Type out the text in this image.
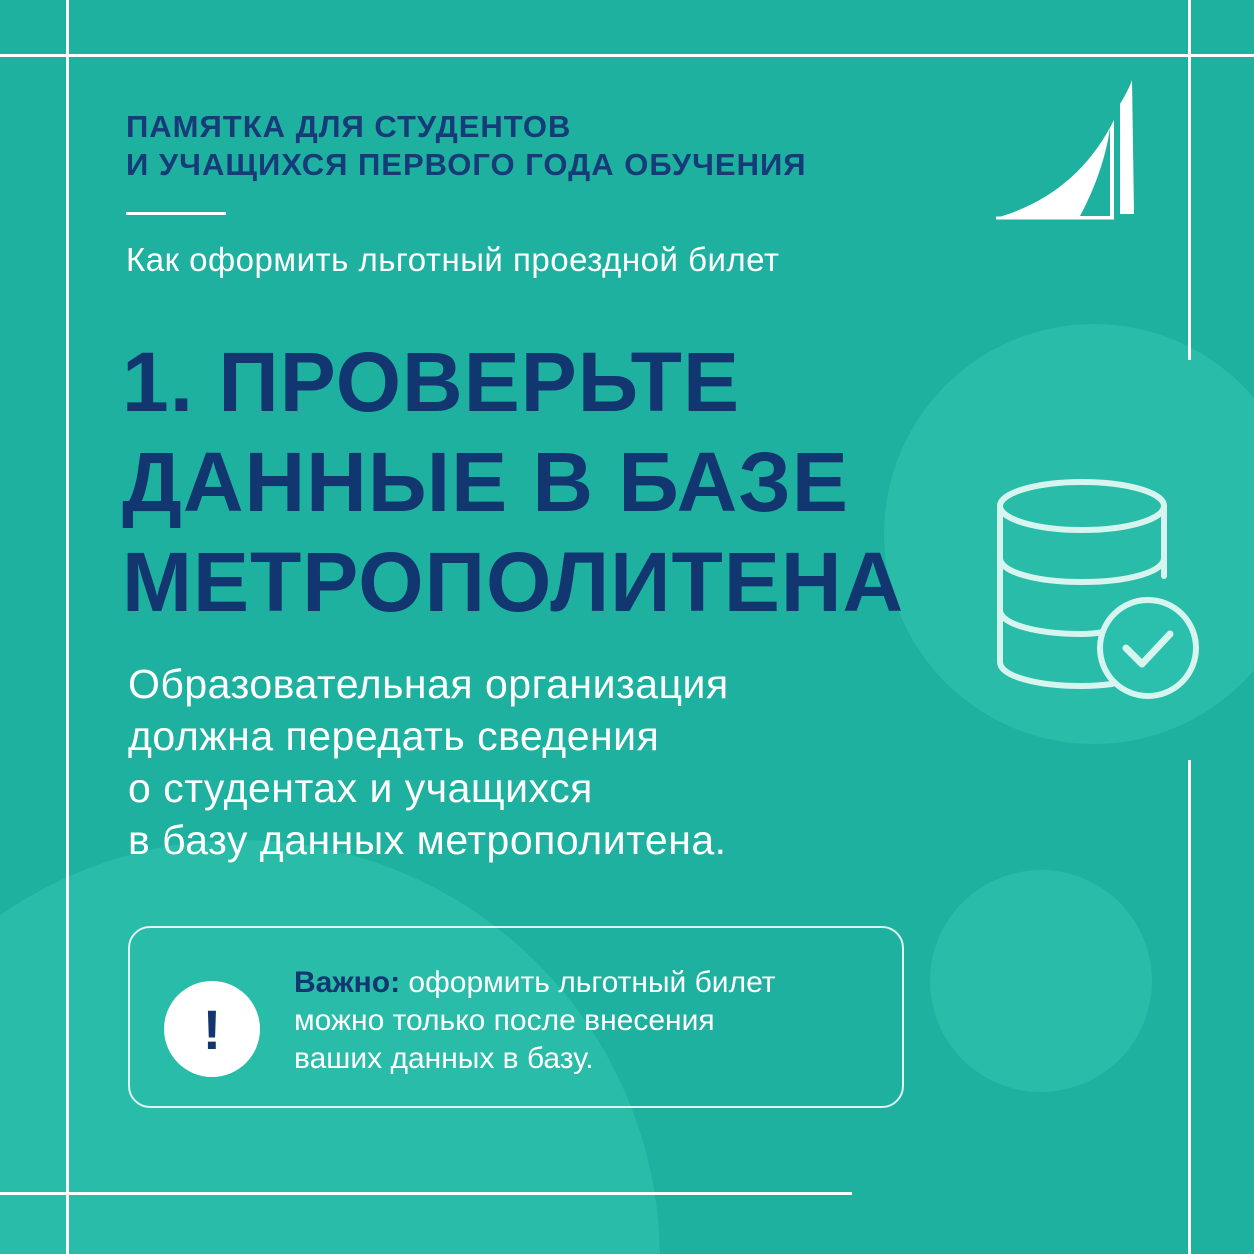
ПАМЯТКА ДЛЯ СТУДЕНТОВ
И УЧАЩИХСЯ ПЕРВОГО ГОДА ОБУЧЕНИЯ
Как оформить льготный проездной билет
1. ПРОВЕРЬТЕ
ДАННЫЕ В БАЗЕ
МЕТРОПОЛИТЕНА
Образовательная организация
должна передать сведения
о студентах и учащихся
в базу данных метрополитена.
!
Важно: оформить льготный билет
можно только после внесения
ваших данных в базу.
